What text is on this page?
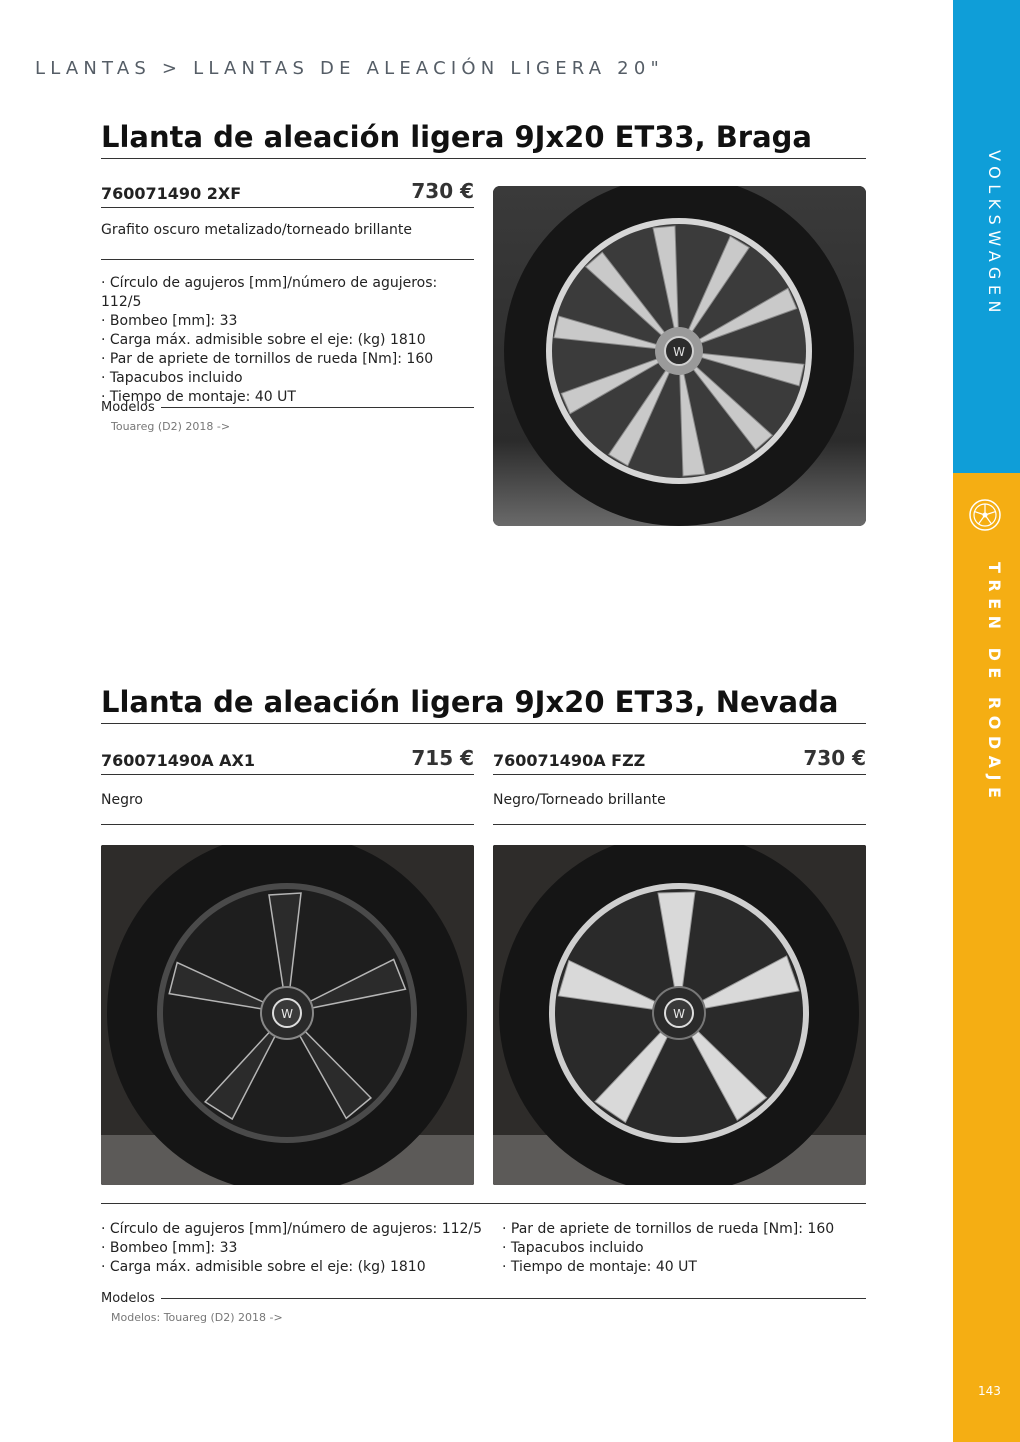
LLANTAS > LLANTAS DE ALEACIÓN LIGERA 20"
Llanta de aleación ligera 9Jx20 ET33, Braga
760071490 2XF	730 €
Grafito oscuro metalizado/torneado brillante
· Círculo de agujeros [mm]/número de agujeros: 112/5
· Bombeo [mm]: 33
· Carga máx. admisible sobre el eje: (kg) 1810
· Par de apriete de tornillos de rueda [Nm]: 160
· Tapacubos incluido
· Tiempo de montaje: 40 UT
Modelos
Touareg (D2) 2018 ->
W
Llanta de aleación ligera 9Jx20 ET33, Nevada
760071490A AX1	715 € 760071490A FZZ	730 €
Negro	Negro/Torneado brillante
W	W
· Círculo de agujeros [mm]/número de agujeros: 112/5
· Bombeo [mm]: 33
· Carga máx. admisible sobre el eje: (kg) 1810
· Par de apriete de tornillos de rueda [Nm]: 160
· Tapacubos incluido
· Tiempo de montaje: 40 UT
Modelos
Modelos: Touareg (D2) 2018 ->
VOLKSWAGEN
TREN DE RODAJE
143
